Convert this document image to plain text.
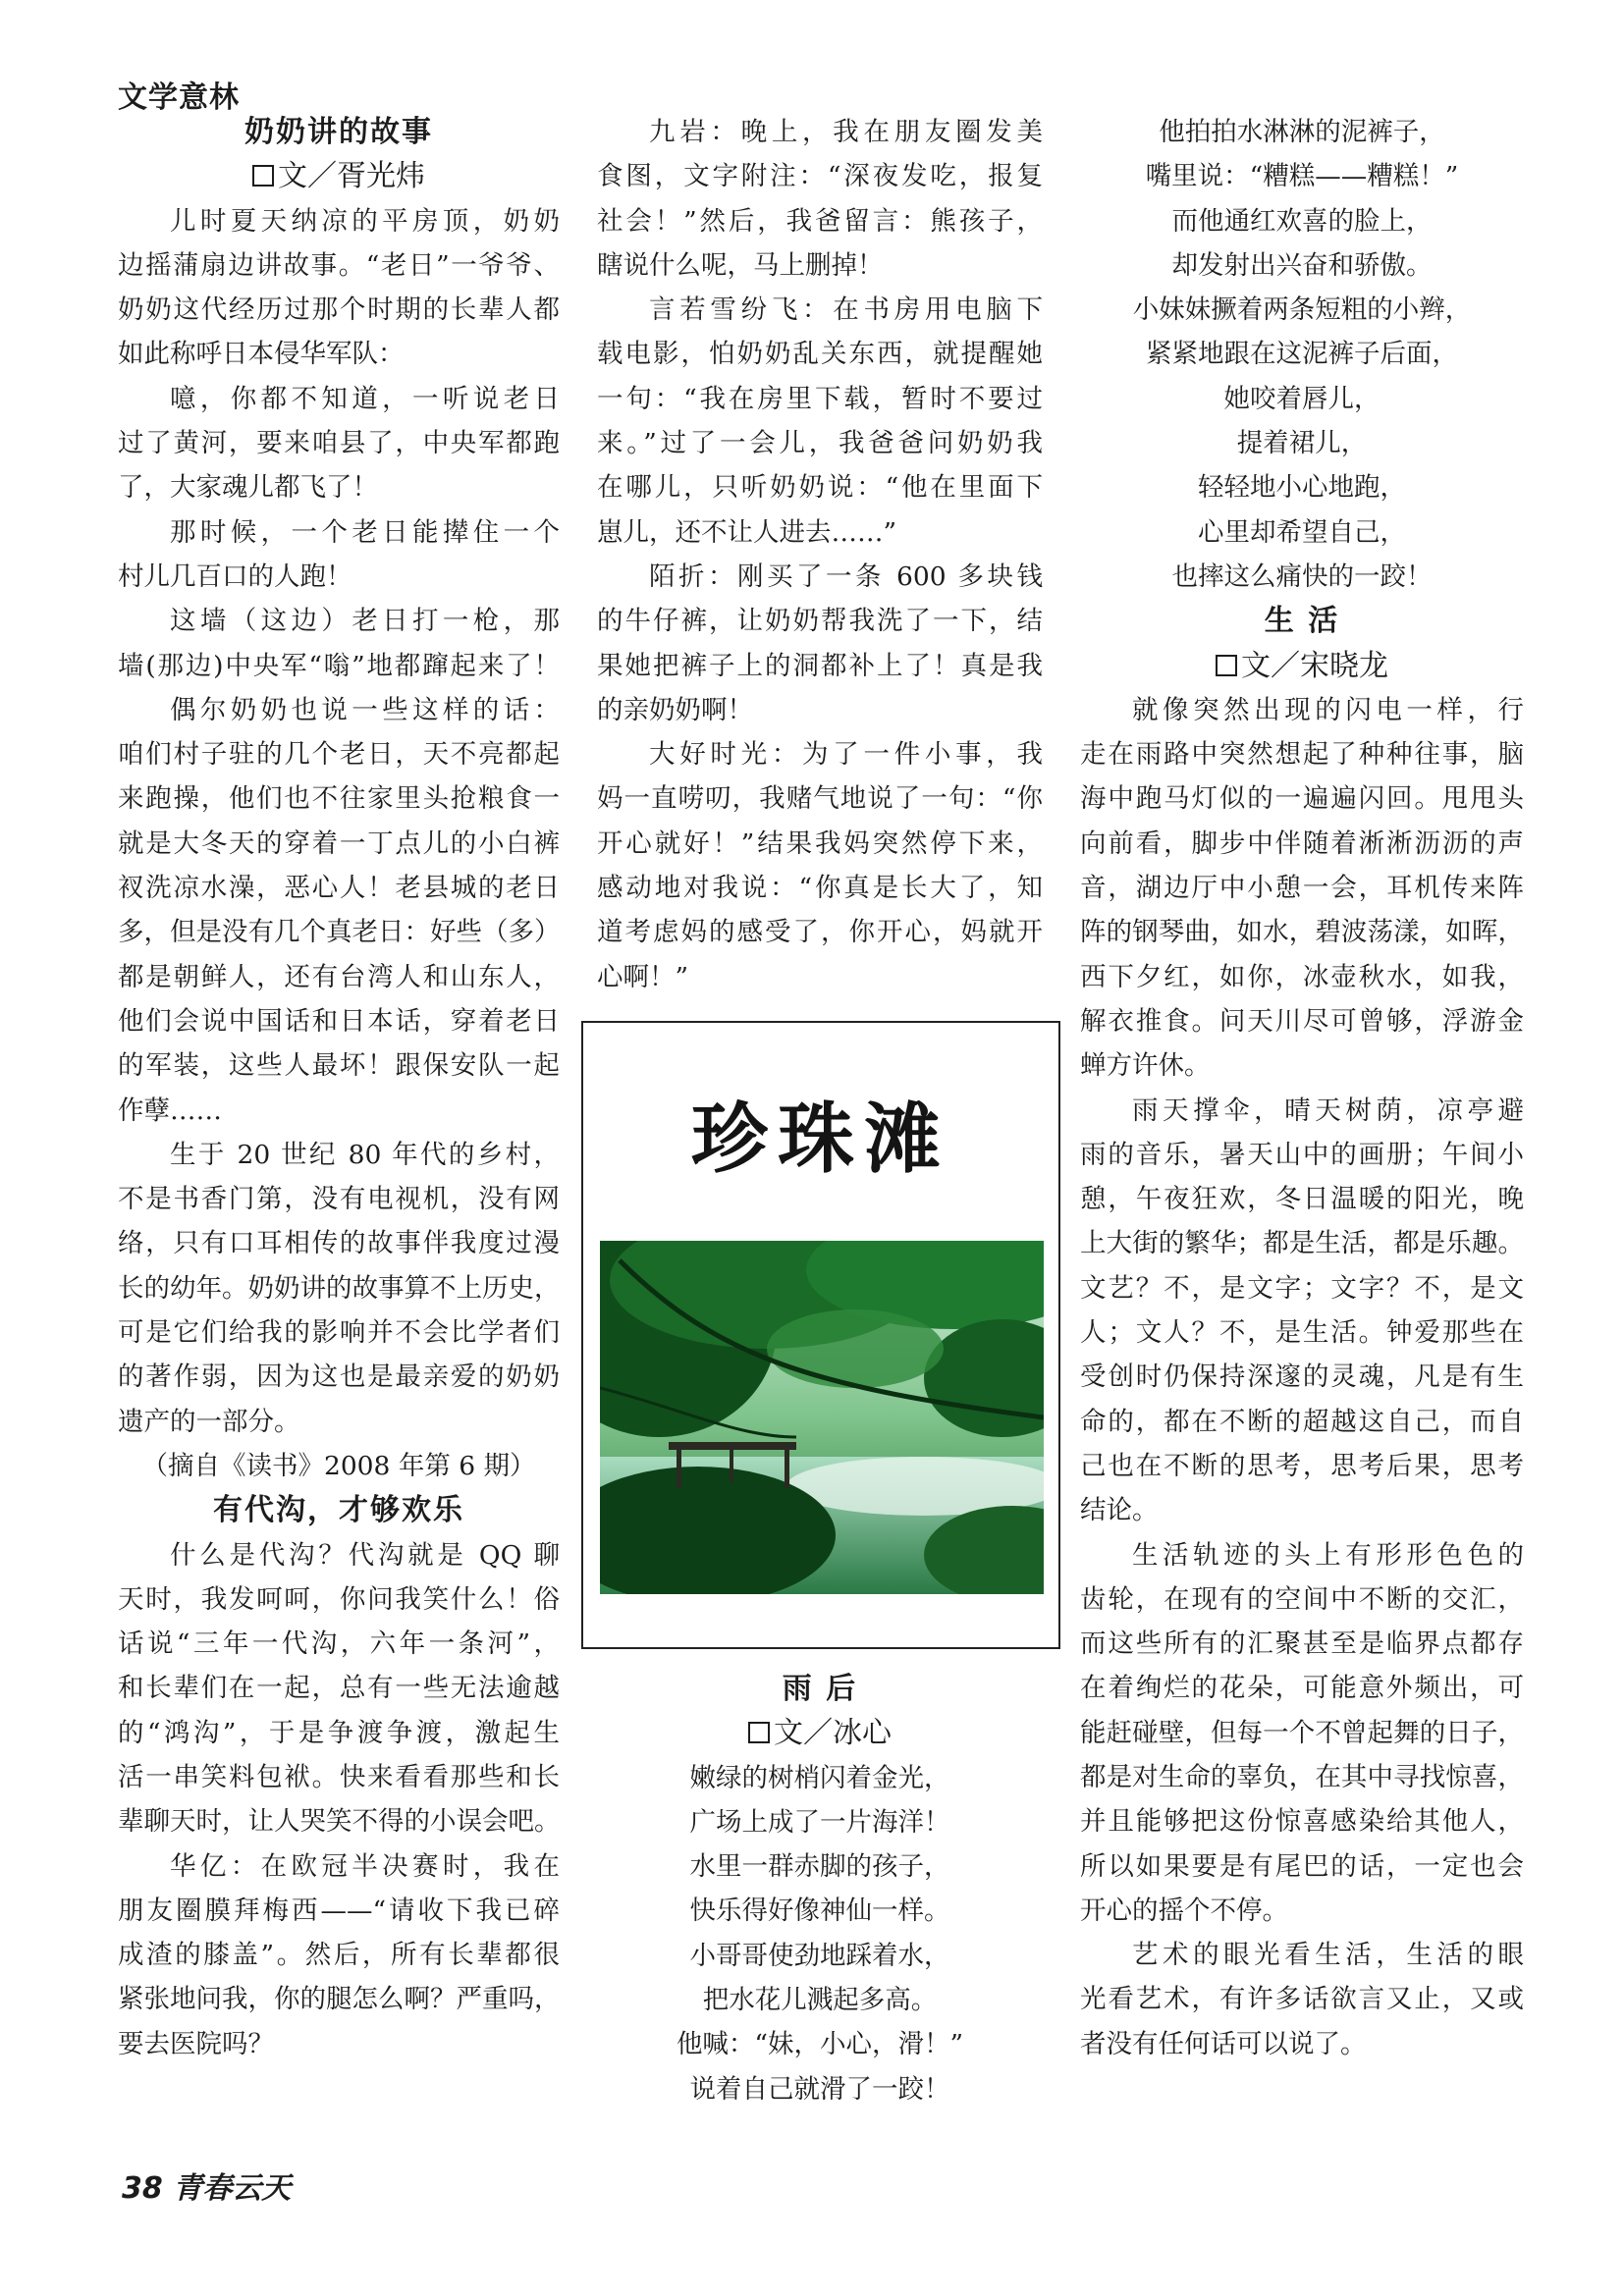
文学意林
奶奶讲的故事
文／胥光炜
儿时夏天纳凉的平房顶，奶奶
边摇蒲扇边讲故事。“老日”一爷爷、
奶奶这代经历过那个时期的长辈人都
如此称呼日本侵华军队：
噫，你都不知道，一听说老日
过了黄河，要来咱县了，中央军都跑
了，大家魂儿都飞了！
那时候，一个老日能撵住一个
村儿几百口的人跑！
这墙（这边）老日打一枪，那
墙(那边)中央军“嗡”地都蹿起来了！
偶尔奶奶也说一些这样的话：
咱们村子驻的几个老日，天不亮都起
来跑操，他们也不往家里头抢粮食一
就是大冬天的穿着一丁点儿的小白裤
衩洗凉水澡，恶心人！老县城的老日
多，但是没有几个真老日：好些（多）
都是朝鲜人，还有台湾人和山东人，
他们会说中国话和日本话，穿着老日
的军装，这些人最坏！跟保安队一起
作孽……
生于 20 世纪 80 年代的乡村，
不是书香门第，没有电视机，没有网
络，只有口耳相传的故事伴我度过漫
长的幼年。奶奶讲的故事算不上历史，
可是它们给我的影响并不会比学者们
的著作弱，因为这也是最亲爱的奶奶
遗产的一部分。
（摘自《读书》2008 年第 6 期）
有代沟，才够欢乐
什么是代沟？代沟就是 QQ 聊
天时，我发呵呵，你问我笑什么！俗
话说“三年一代沟，六年一条河”，
和长辈们在一起，总有一些无法逾越
的“鸿沟”，于是争渡争渡，激起生
活一串笑料包袱。快来看看那些和长
辈聊天时，让人哭笑不得的小误会吧。
华亿：在欧冠半决赛时，我在
朋友圈膜拜梅西——“请收下我已碎
成渣的膝盖”。然后，所有长辈都很
紧张地问我，你的腿怎么啊？严重吗，
要去医院吗？
九岩：晚上，我在朋友圈发美
食图，文字附注：“深夜发吃，报复
社会！”然后，我爸留言：熊孩子，
瞎说什么呢，马上删掉！
言若雪纷飞：在书房用电脑下
载电影，怕奶奶乱关东西，就提醒她
一句：“我在房里下载，暂时不要过
来。”过了一会儿，我爸爸问奶奶我
在哪儿，只听奶奶说：“他在里面下
崽儿，还不让人进去……”
陌折：刚买了一条 600 多块钱
的牛仔裤，让奶奶帮我洗了一下，结
果她把裤子上的洞都补上了！真是我
的亲奶奶啊！
大好时光：为了一件小事，我
妈一直唠叨，我赌气地说了一句：“你
开心就好！”结果我妈突然停下来，
感动地对我说：“你真是长大了，知
道考虑妈的感受了，你开心，妈就开
心啊！”
雨 后
文／冰心
嫩绿的树梢闪着金光，
广场上成了一片海洋！
水里一群赤脚的孩子，
快乐得好像神仙一样。
小哥哥使劲地踩着水，
把水花儿溅起多高。
他喊：“妹，小心，滑！”
说着自己就滑了一跤！
他拍拍水淋淋的泥裤子，
嘴里说：“糟糕——糟糕！”
而他通红欢喜的脸上，
却发射出兴奋和骄傲。
小妹妹撅着两条短粗的小辫，
紧紧地跟在这泥裤子后面，
她咬着唇儿，
提着裙儿，
轻轻地小心地跑，
心里却希望自己，
也摔这么痛快的一跤！
生 活
文／宋晓龙
就像突然出现的闪电一样，行
走在雨路中突然想起了种种往事，脑
海中跑马灯似的一遍遍闪回。甩甩头
向前看，脚步中伴随着淅淅沥沥的声
音，湖边厅中小憩一会，耳机传来阵
阵的钢琴曲，如水，碧波荡漾，如晖，
西下夕红，如你，冰壶秋水，如我，
解衣推食。问天川尽可曾够，浮游金
蝉方许休。
雨天撑伞，晴天树荫，凉亭避
雨的音乐，暑天山中的画册；午间小
憩，午夜狂欢，冬日温暖的阳光，晚
上大街的繁华；都是生活，都是乐趣。
文艺？不，是文字；文字？不，是文
人；文人？不，是生活。钟爱那些在
受创时仍保持深邃的灵魂，凡是有生
命的，都在不断的超越这自己，而自
己也在不断的思考，思考后果，思考
结论。
生活轨迹的头上有形形色色的
齿轮，在现有的空间中不断的交汇，
而这些所有的汇聚甚至是临界点都存
在着绚烂的花朵，可能意外频出，可
能赶碰壁，但每一个不曾起舞的日子，
都是对生命的辜负，在其中寻找惊喜，
并且能够把这份惊喜感染给其他人，
所以如果要是有尾巴的话，一定也会
开心的摇个不停。
艺术的眼光看生活，生活的眼
光看艺术，有许多话欲言又止，又或
者没有任何话可以说了。
珍珠滩
38 青春云天
